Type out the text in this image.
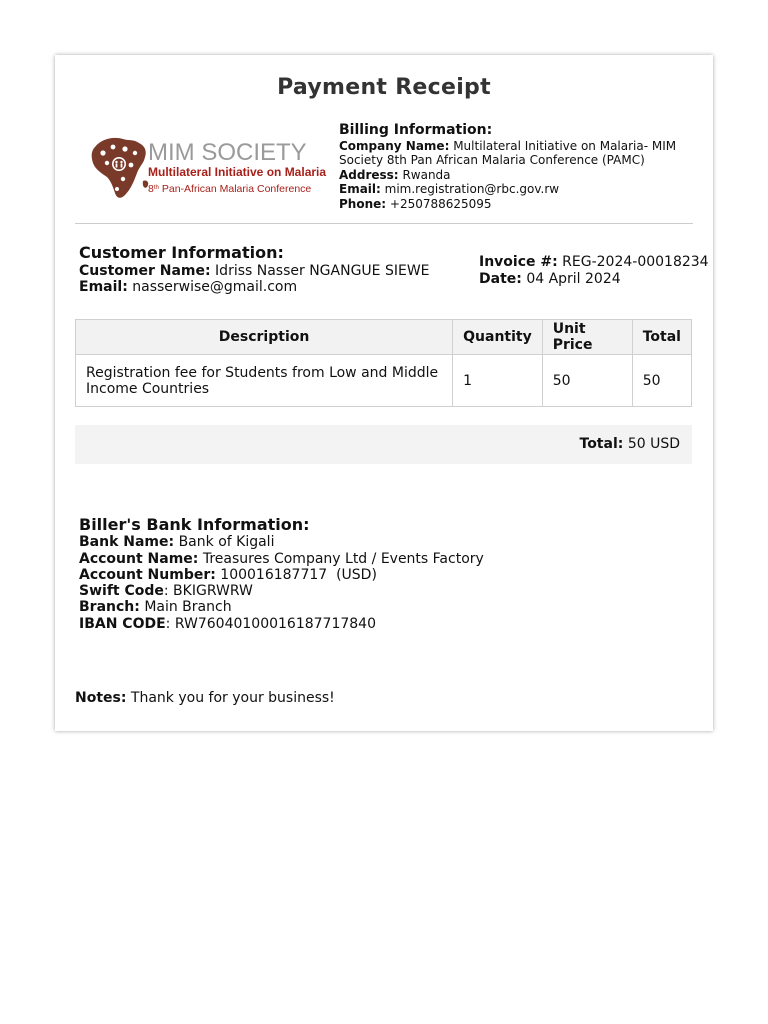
Payment Receipt
MIM SOCIETY
Multilateral Initiative on Malaria
8th Pan-African Malaria Conference
Billing Information:
Company Name: Multilateral Initiative on Malaria- MIM Society 8th Pan African Malaria Conference (PAMC)
Address: Rwanda
Email: mim.registration@rbc.gov.rw
Phone: +250788625095
Customer Information:
Customer Name: Idriss Nasser NGANGUE SIEWE
Email: nasserwise@gmail.com
Invoice #: REG-2024-00018234
Date: 04 April 2024
Description	Quantity	Unit Price	Total
Registration fee for Students from Low and Middle Income Countries	1	50	50
Total: 50 USD
Biller's Bank Information:
Bank Name: Bank of Kigali
Account Name: Treasures Company Ltd / Events Factory
Account Number: 100016187717  (USD)
Swift Code: BKIGRWRW
Branch: Main Branch
IBAN CODE: RW76040100016187717840
Notes: Thank you for your business!
